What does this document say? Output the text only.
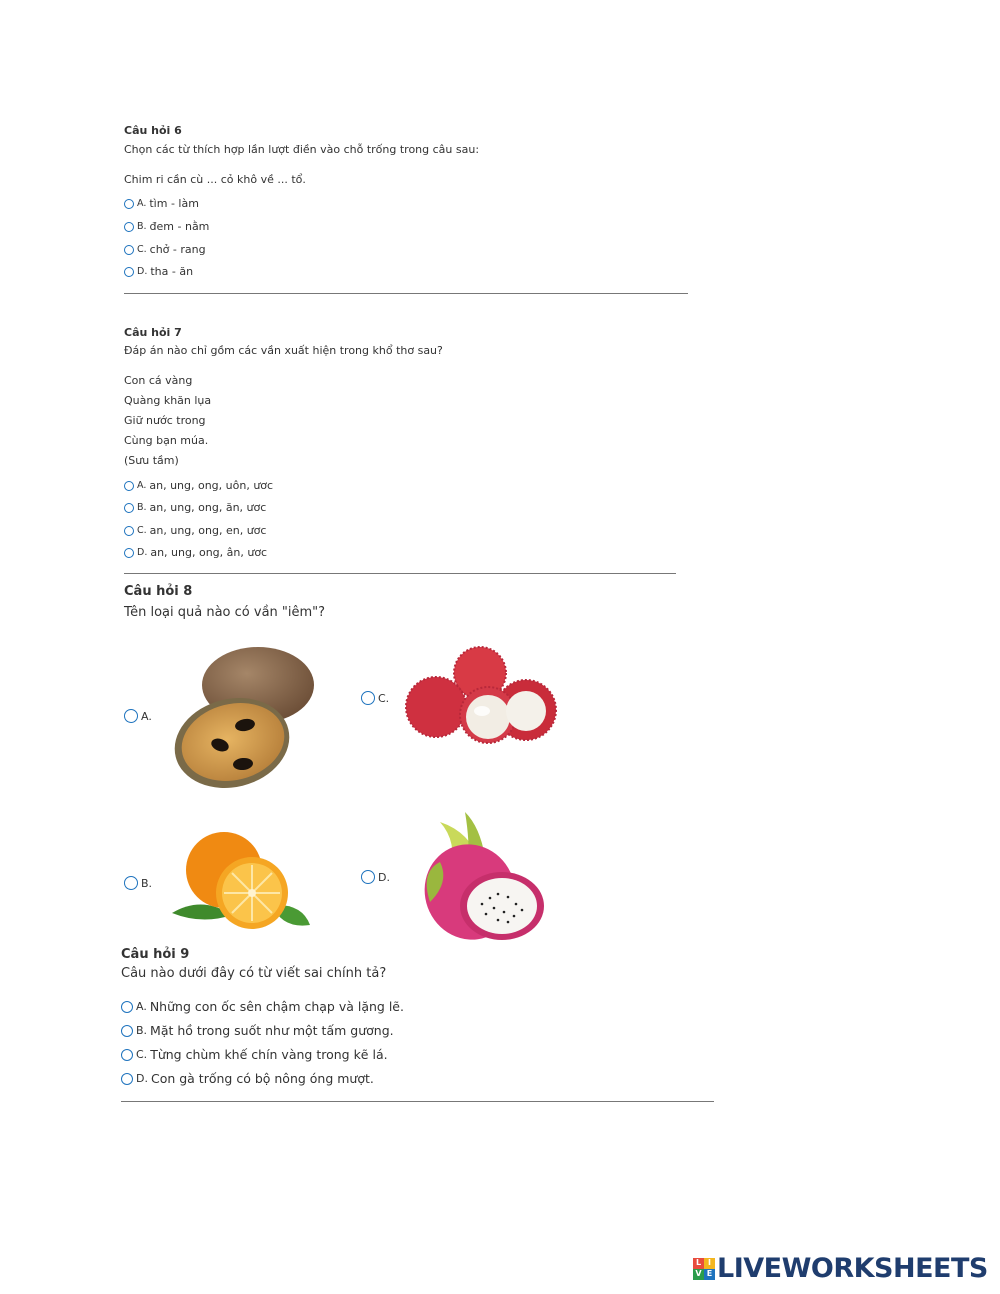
Câu hỏi 6
Chọn các từ thích hợp lần lượt điền vào chỗ trống trong câu sau:
Chim ri cần cù ... cỏ khô về ... tổ.
A. tìm - làm
B. đem - nằm
C. chở - rang
D. tha - ăn
Câu hỏi 7
Đáp án nào chỉ gồm các vần xuất hiện trong khổ thơ sau?
Con cá vàng
Quàng khăn lụa
Giữ nước trong
Cùng bạn múa.
(Sưu tầm)
A. an, ung, ong, uôn, ươc
B. an, ung, ong, ăn, ươc
C. an, ung, ong, en, ươc
D. an, ung, ong, ân, ươc
Câu hỏi 8
Tên loại quả nào có vần "iêm"?
A.
C.
B.	D.
Câu hỏi 9
Câu nào dưới đây có từ viết sai chính tả?
A. Những con ốc sên chậm chạp và lặng lẽ.
B. Mặt hồ trong suốt như một tấm gương.
C. Từng chùm khế chín vàng trong kẽ lá.
D. Con gà trống có bộ nông óng mượt.
L I
V E LIVEWORKSHEETS
